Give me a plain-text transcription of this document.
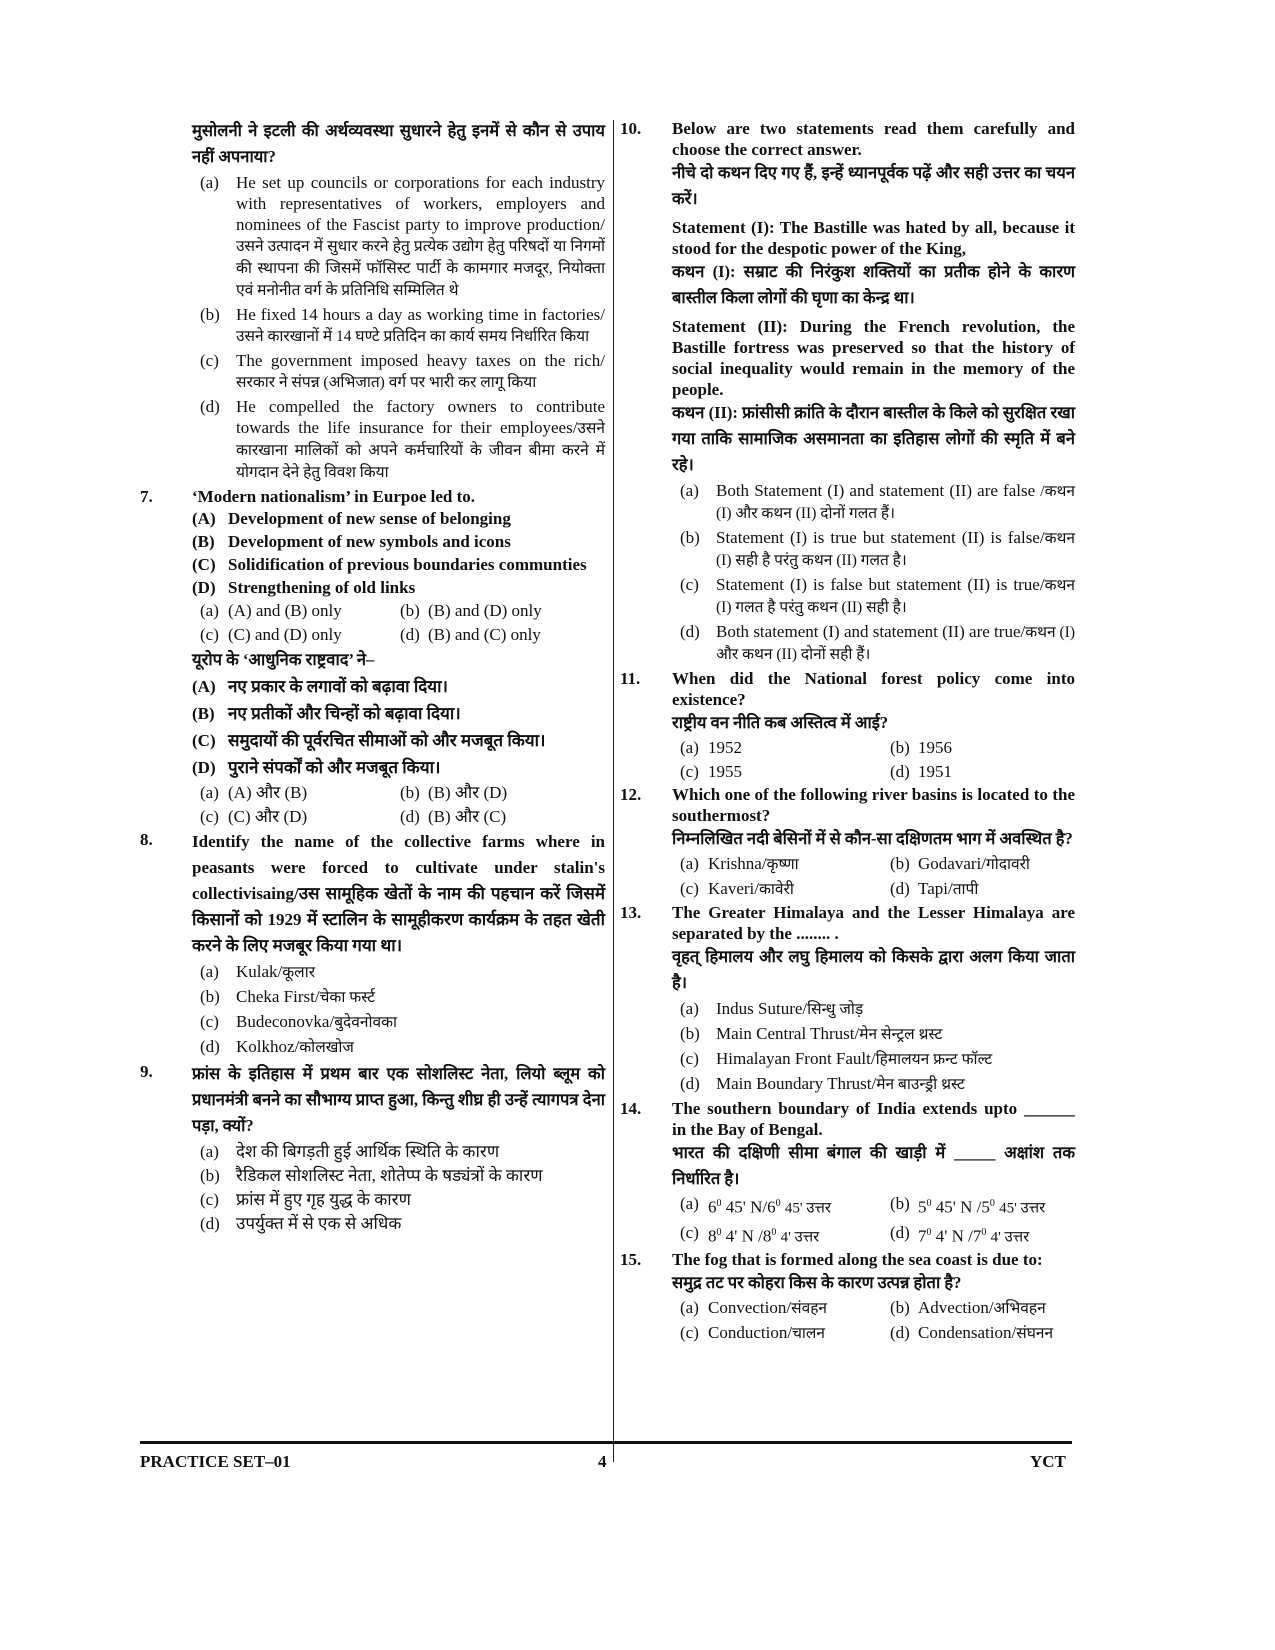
मुसोलनी ने इटली की अर्थव्यवस्था सुधारने हेतु इनमें से कौन से उपाय नहीं अपनाया?
(a)	He set up councils or corporations for each industry with representatives of workers, employers and nominees of the Fascist party to improve production/उसने उत्पादन में सुधार करने हेतु प्रत्येक उद्योग हेतु परिषदों या निगमों की स्थापना की जिसमें फॉसिस्ट पार्टी के कामगार मजदूर, नियोक्ता एवं मनोनीत वर्ग के प्रतिनिधि सम्मिलित थे
(b) He fixed 14 hours a day as working time in factories/उसने कारखानों में 14 घण्टे प्रतिदिन का कार्य समय निर्धारित किया
(c)	The government imposed heavy taxes on the rich/सरकार ने संपन्न (अभिजात) वर्ग पर भारी कर लागू किया
(d) He compelled the factory owners to contribute towards the life insurance for their employees/उसने कारखाना मालिकों को अपने कर्मचारियों के जीवन बीमा करने में योगदान देने हेतु विवश किया
7.	‘Modern nationalism’ in Eurpoe led to.
(A) Development of new sense of belonging
(B) Development of new symbols and icons
(C) Solidification of previous boundaries communties
(D) Strengthening of old links
(a) (A) and (B) only	(b) (B) and (D) only
(c) (C) and (D) only	(d) (B) and (C) only
यूरोप के ‘आधुनिक राष्ट्रवाद’ ने–
(A) नए प्रकार के लगावों को बढ़ावा दिया।
(B) नए प्रतीकों और चिन्हों को बढ़ावा दिया।
(C) समुदायों की पूर्वरचित सीमाओं को और मजबूत किया।
(D) पुराने संपर्कों को और मजबूत किया।
(a) (A) और (B)	(b) (B) और (D)
(c) (C) और (D)	(d) (B) और (C)
8.	Identify the name of the collective farms where in peasants were forced to cultivate under stalin's collectivisaing/उस सामूहिक खेतों के नाम की पहचान करें जिसमें किसानों को 1929 में स्टालिन के सामूहीकरण कार्यक्रम के तहत खेती करने के लिए मजबूर किया गया था।
(a)	Kulak/कूलार
(b) Cheka First/चेका फर्स्ट
(c)	Budeconovka/बुदेवनोवका
(d) Kolkhoz/कोलखोज
9.	फ्रांस के इतिहास में प्रथम बार एक सोशलिस्ट नेता, लियो ब्लूम को प्रधानमंत्री बनने का सौभाग्य प्राप्त हुआ, किन्तु शीघ्र ही उन्हें त्यागपत्र देना पड़ा, क्यों?
(a)	देश की बिगड़ती हुई आर्थिक स्थिति के कारण
(b) रैडिकल सोशलिस्ट नेता, शोतेप्प के षड्यंत्रों के कारण
(c)	फ्रांस में हुए गृह युद्ध के कारण
(d) उपर्युक्त में से एक से अधिक
10.	Below are two statements read them carefully and choose the correct answer.
नीचे दो कथन दिए गए हैं, इन्हें ध्यानपूर्वक पढ़ें और सही उत्तर का चयन करें।
Statement (I): The Bastille was hated by all, because it stood for the despotic power of the King,
कथन (I): सम्राट की निरंकुश शक्तियों का प्रतीक होने के कारण बास्तील किला लोगों की घृणा का केन्द्र था।
Statement (II): During the French revolution, the Bastille fortress was preserved so that the history of social inequality would remain in the memory of the people.
कथन (II): फ्रांसीसी क्रांति के दौरान बास्तील के किले को सुरक्षित रखा गया ताकि सामाजिक असमानता का इतिहास लोगों की स्मृति में बने रहे।
(a)	Both Statement (I) and statement (II) are false /कथन (I) और कथन (II) दोनों गलत हैं।
(b) Statement (I) is true but statement (II) is false/कथन (I) सही है परंतु कथन (II) गलत है।
(c)	Statement (I) is false but statement (II) is true/कथन (I) गलत है परंतु कथन (II) सही है।
(d) Both statement (I) and statement (II) are true/कथन (I) और कथन (II) दोनों सही हैं।
11.	When did the National forest policy come into existence?
राष्ट्रीय वन नीति कब अस्तित्व में आई?
(a) 1952	(b) 1956
(c) 1955	(d) 1951
12.	Which one of the following river basins is located to the southermost?
निम्नलिखित नदी बेसिनों में से कौन-सा दक्षिणतम भाग में अवस्थित है?
(a) Krishna/कृष्णा	(b) Godavari/गोदावरी
(c) Kaveri/कावेरी	(d) Tapi/तापी
13.	The Greater Himalaya and the Lesser Himalaya are separated by the ........ .
वृहत् हिमालय और लघु हिमालय को किसके द्वारा अलग किया जाता है।
(a)	Indus Suture/सिन्धु जोड़
(b) Main Central Thrust/मेन सेन्ट्रल थ्रस्ट
(c)	Himalayan Front Fault/हिमालयन फ्रन्ट फॉल्ट
(d) Main Boundary Thrust/मेन बाउन्ड्री थ्रस्ट
14.	The southern boundary of India extends upto ______ in the Bay of Bengal.
भारत की दक्षिणी सीमा बंगाल की खाड़ी में _____ अक्षांश तक निर्धारित है।
(a) $6^0$ 45' $N/6^0$ 45' उत्तर	(b) $5^0$ 45' N $/5^0$ 45' उत्तर
(c) $8^0$ 4' N $/8^0$ 4' उत्तर	(d) $7^0$ 4' N $/7^0$ 4' उत्तर
15.	The fog that is formed along the sea coast is due to:
समुद्र तट पर कोहरा किस के कारण उत्पन्न होता है?
(a) Convection/संवहन	(b) Advection/अभिवहन
(c) Conduction/चालन	(d) Condensation/संघनन
PRACTICE SET–01	4	YCT
